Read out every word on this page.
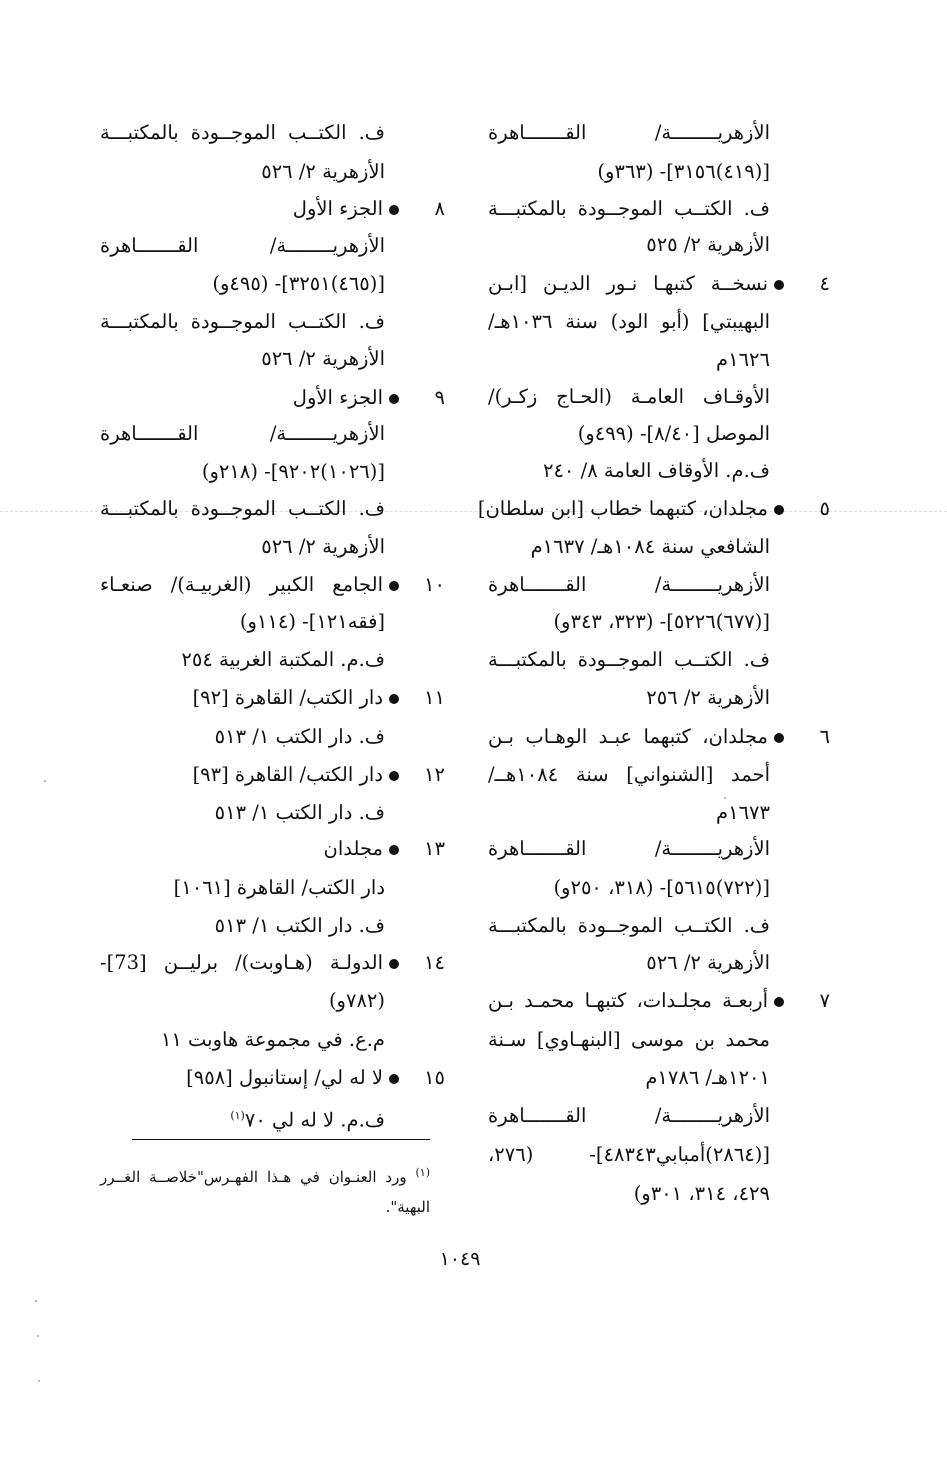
الأزهريــــــــة/ القـــــــاهرة
[(٤١٩)٣١٥٦]- (٣٦٣و)
ف. الكتــب الموجــودة بالمكتبـــة
الأزهرية ٢/ ٥٢٥
٤نسخــة كتبهـا نـور الديـن [ابـن
البهيبتي] (أبو الود) سنة ١٠٣٦هـ/
١٦٢٦م
الأوقـاف العامـة (الحـاج زكـر)/
الموصل [٨/٤٠]- (٤٩٩و)
ف.م. الأوقاف العامة ٨/ ٢٤٠
٥مجلدان، كتبهما خطاب [ابن سلطان]
الشافعي سنة ١٠٨٤هـ/ ١٦٣٧م
الأزهريــــــــة/ القـــــــاهرة
[(٦٧٧)٥٢٢٦]- (٣٢٣، ٣٤٣و)
ف. الكتــب الموجــودة بالمكتبـــة
الأزهرية ٢/ ٢٥٦
٦مجلدان، كتبهما عبـد الوهـاب بـن
أحمد [الشنواني] سنة ١٠٨٤هــ/
١٦٧٣م
الأزهريــــــــة/ القـــــــاهرة
[(٧٢٢)٥٦١٥]- (٣١٨، ٢٥٠و)
ف. الكتــب الموجــودة بالمكتبـــة
الأزهرية ٢/ ٥٢٦
٧أربعـة مجلـدات، كتبهـا محمـد بـن
محمد بن موسى [البنهـاوي] سـنة
١٢٠١هـ/ ١٧٨٦م
الأزهريــــــــة/ القـــــــاهرة
[(٢٨٦٤)أمبابي٤٨٣٤٣]- (٢٧٦،
٤٢٩، ٣١٤، ٣٠١و)
ف. الكتــب الموجــودة بالمكتبـــة
الأزهرية ٢/ ٥٢٦
٨الجزء الأول
الأزهريــــــــة/ القـــــــاهرة
[(٤٦٥)٣٢٥١]- (٤٩٥و)
ف. الكتــب الموجــودة بالمكتبـــة
الأزهرية ٢/ ٥٢٦
٩الجزء الأول
الأزهريــــــــة/ القـــــــاهرة
[(١٠٢٦)٩٢٠٢]- (٢١٨و)
ف. الكتــب الموجــودة بالمكتبـــة
الأزهرية ٢/ ٥٢٦
١٠الجامع الكبير (الغربيـة)/ صنعـاء
[فقه١٢١]- (١١٤و)
ف.م. المكتبة الغربية ٢٥٤
١١دار الكتب/ القاهرة [٩٢]
ف. دار الكتب ١/ ٥١٣
١٢دار الكتب/ القاهرة [٩٣]
ف. دار الكتب ١/ ٥١٣
١٣مجلدان
دار الكتب/ القاهرة [١٠٦١]
ف. دار الكتب ١/ ٥١٣
١٤الدولـة (هـاوبت)/ برليــن [73]-
(٧٨٢و)
م.ع. في مجموعة هاوبت ١١
١٥لا له لي/ إستانبول [٩٥٨]
ف.م. لا له لي ٧٠$^{(١)}$
$^{(١)}$ ورد العنـوان في هـذا الفهـرس"خلاصــة الغــرر البهية".
١٠٤٩
